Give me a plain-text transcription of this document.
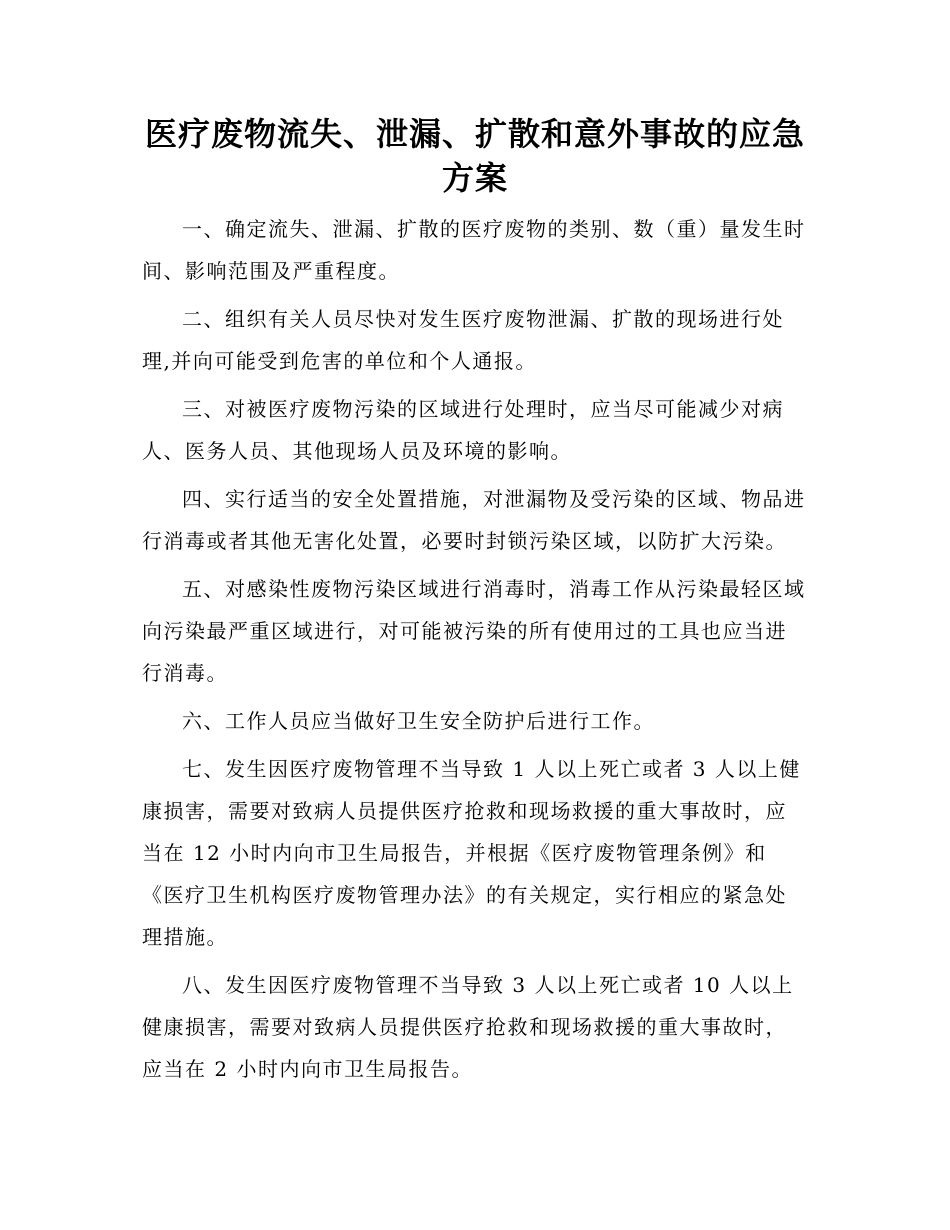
医疗废物流失、泄漏、扩散和意外事故的应急方案

一、确定流失、泄漏、扩散的医疗废物的类别、数（重）量发生时间、影响范围及严重程度。

二、组织有关人员尽快对发生医疗废物泄漏、扩散的现场进行处理,并向可能受到危害的单位和个人通报。

三、对被医疗废物污染的区域进行处理时，应当尽可能减少对病人、医务人员、其他现场人员及环境的影响。

四、实行适当的安全处置措施，对泄漏物及受污染的区域、物品进行消毒或者其他无害化处置，必要时封锁污染区域，以防扩大污染。

五、对感染性废物污染区域进行消毒时，消毒工作从污染最轻区域向污染最严重区域进行，对可能被污染的所有使用过的工具也应当进行消毒。

六、工作人员应当做好卫生安全防护后进行工作。

七、发生因医疗废物管理不当导致 1 人以上死亡或者 3 人以上健康损害，需要对致病人员提供医疗抢救和现场救援的重大事故时，应当在 12 小时内向市卫生局报告，并根据《医疗废物管理条例》和《医疗卫生机构医疗废物管理办法》的有关规定，实行相应的紧急处理措施。

八、发生因医疗废物管理不当导致 3 人以上死亡或者 10 人以上健康损害，需要对致病人员提供医疗抢救和现场救援的重大事故时，应当在 2 小时内向市卫生局报告。
